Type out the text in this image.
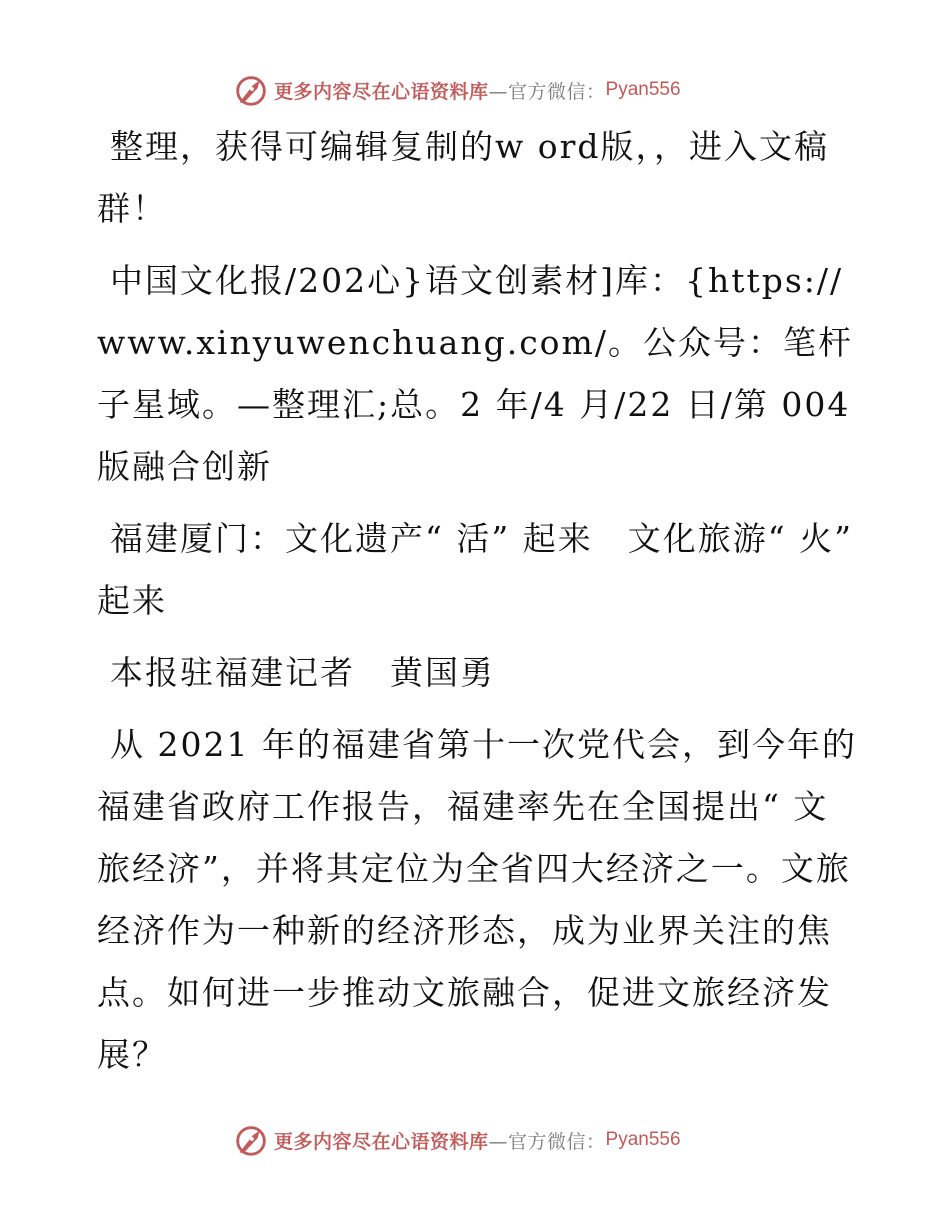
更多内容尽在心语资料库 —官方微信： Pyan556

整理，获得可编辑复制的w ord版，，进入文稿群！

中国文化报/202心}语文创素材]库：{https://www.xinyuwenchuang.com/。公众号：笔杆子星域。—整理汇;总。2 年/4 月/22 日/第 004 版融合创新

福建厦门：文化遗产“ 活” 起来　文化旅游“ 火” 起来

本报驻福建记者　黄国勇

从 2021 年的福建省第十一次党代会，到今年的福建省政府工作报告，福建率先在全国提出“ 文旅经济”，并将其定位为全省四大经济之一。文旅经济作为一种新的经济形态，成为业界关注的焦点。如何进一步推动文旅融合，促进文旅经济发展？

更多内容尽在心语资料库 —官方微信： Pyan556
